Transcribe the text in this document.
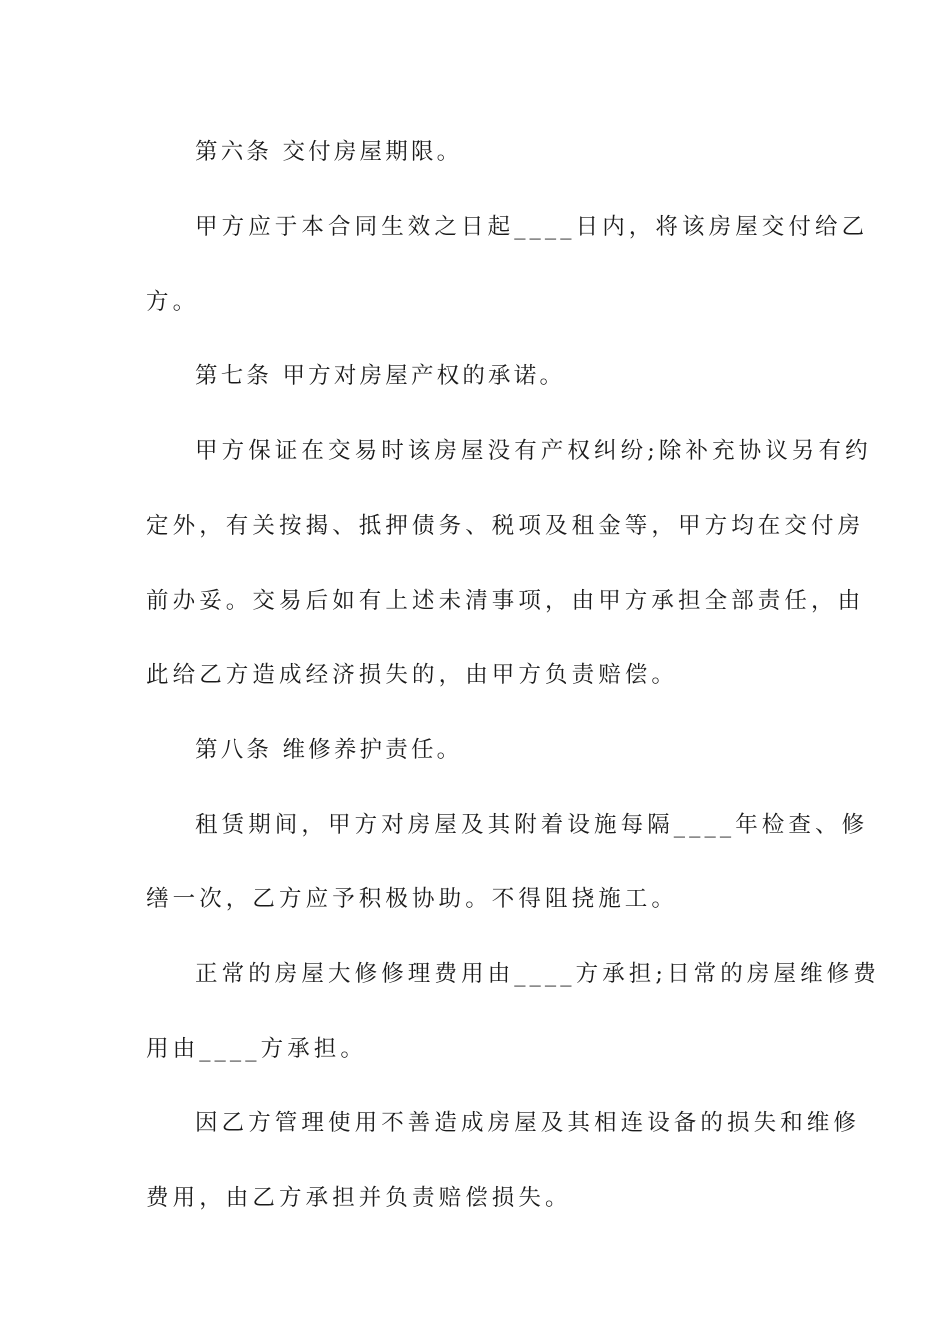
第六条 交付房屋期限。
甲方应于本合同生效之日起____日内，将该房屋交付给乙
方。
第七条 甲方对房屋产权的承诺。
甲方保证在交易时该房屋没有产权纠纷;除补充协议另有约
定外，有关按揭、抵押债务、税项及租金等，甲方均在交付房
前办妥。交易后如有上述未清事项，由甲方承担全部责任，由
此给乙方造成经济损失的，由甲方负责赔偿。
第八条 维修养护责任。
租赁期间，甲方对房屋及其附着设施每隔____年检查、修
缮一次，乙方应予积极协助。不得阻挠施工。
正常的房屋大修修理费用由____方承担;日常的房屋维修费
用由____方承担。
因乙方管理使用不善造成房屋及其相连设备的损失和维修
费用，由乙方承担并负责赔偿损失。
